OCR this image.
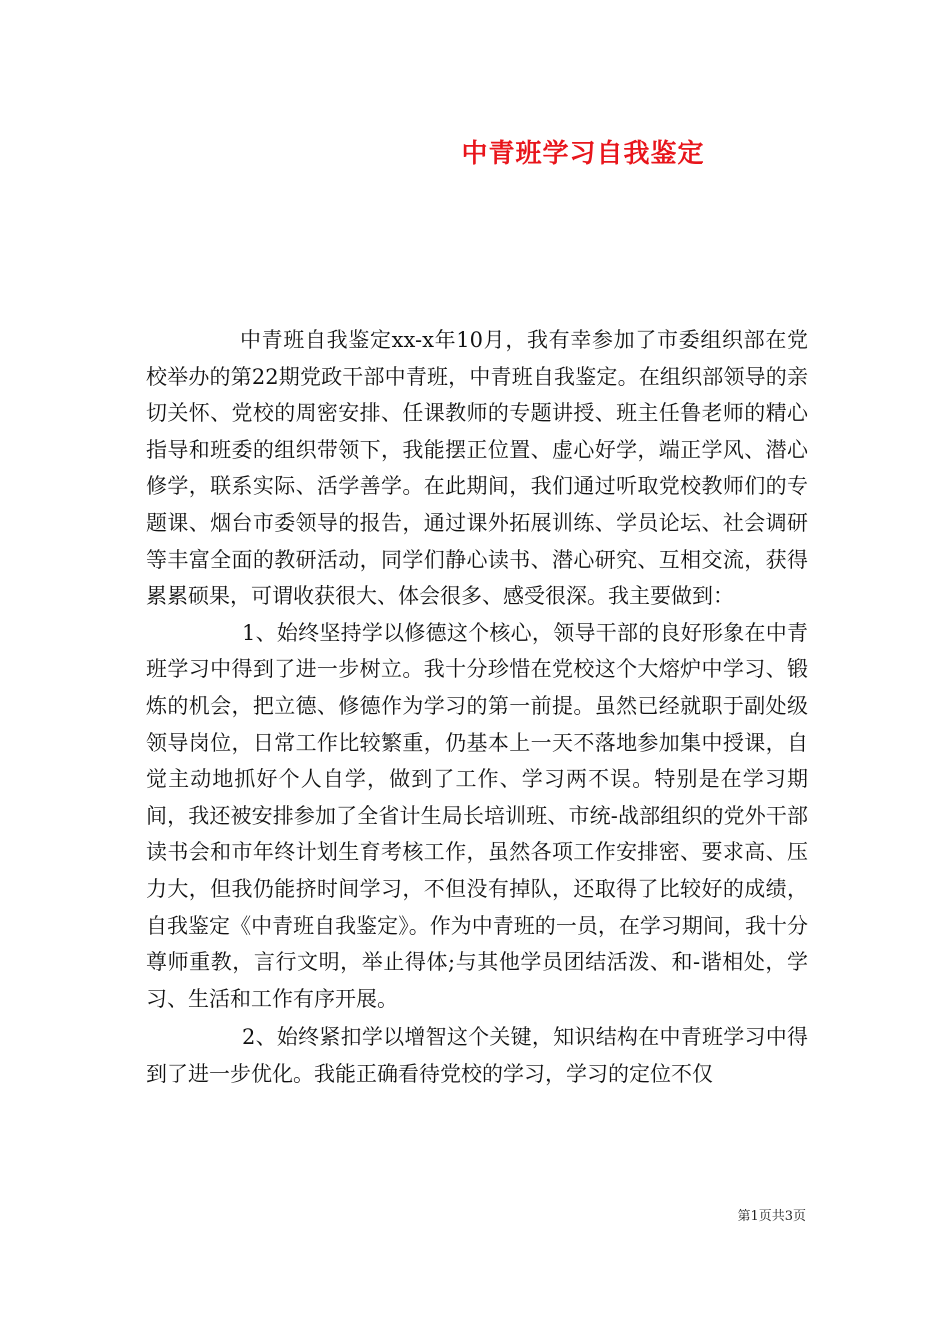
中青班学习自我鉴定

中青班自我鉴定xx-x年10月，我有幸参加了市委组织部在党校举办的第22期党政干部中青班，中青班自我鉴定。在组织部领导的亲切关怀、党校的周密安排、任课教师的专题讲授、班主任鲁老师的精心指导和班委的组织带领下，我能摆正位置、虚心好学，端正学风、潜心修学，联系实际、活学善学。在此期间，我们通过听取党校教师们的专题课、烟台市委领导的报告，通过课外拓展训练、学员论坛、社会调研等丰富全面的教研活动，同学们静心读书、潜心研究、互相交流，获得累累硕果，可谓收获很大、体会很多、感受很深。我主要做到：

1、始终坚持学以修德这个核心，领导干部的良好形象在中青班学习中得到了进一步树立。我十分珍惜在党校这个大熔炉中学习、锻炼的机会，把立德、修德作为学习的第一前提。虽然已经就职于副处级领导岗位，日常工作比较繁重，仍基本上一天不落地参加集中授课，自觉主动地抓好个人自学，做到了工作、学习两不误。特别是在学习期间，我还被安排参加了全省计生局长培训班、市统-战部组织的党外干部读书会和市年终计划生育考核工作，虽然各项工作安排密、要求高、压力大，但我仍能挤时间学习，不但没有掉队，还取得了比较好的成绩，自我鉴定《中青班自我鉴定》。作为中青班的一员，在学习期间，我十分尊师重教，言行文明，举止得体;与其他学员团结活泼、和-谐相处，学习、生活和工作有序开展。

2、始终紧扣学以增智这个关键，知识结构在中青班学习中得到了进一步优化。我能正确看待党校的学习，学习的定位不仅

第1页共3页
